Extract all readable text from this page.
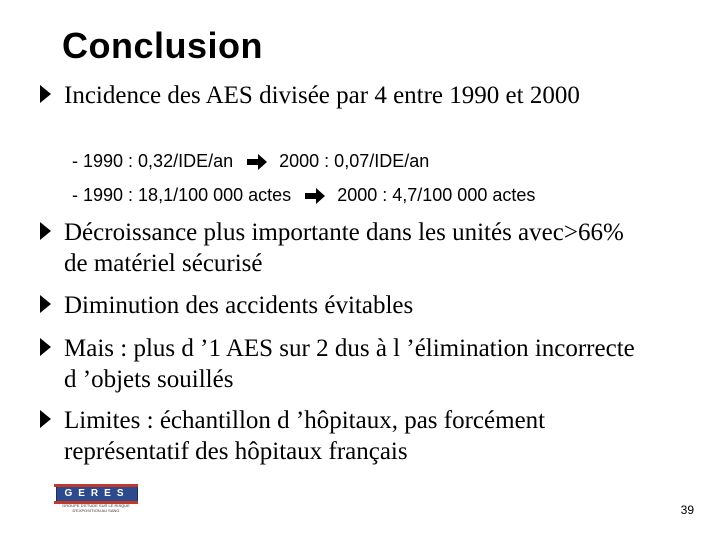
Conclusion
Incidence des AES divisée par 4 entre 1990 et 2000
- 1990 : 0,32/IDE/an	2000 : 0,07/IDE/an
- 1990 : 18,1/100 000 actes	2000 : 4,7/100 000 actes
Décroissance plus importante dans les unités avec>66% de matériel sécurisé
Diminution des accidents évitables
Mais : plus d ’1 AES sur 2 dus à l ’élimination incorrecte d ’objets souillés
Limites : échantillon d ’hôpitaux, pas forcément représentatif des hôpitaux français
GERES
GROUPE D'ETUDE SUR LE RISQUE D'EXPOSITION AU SANG	39
